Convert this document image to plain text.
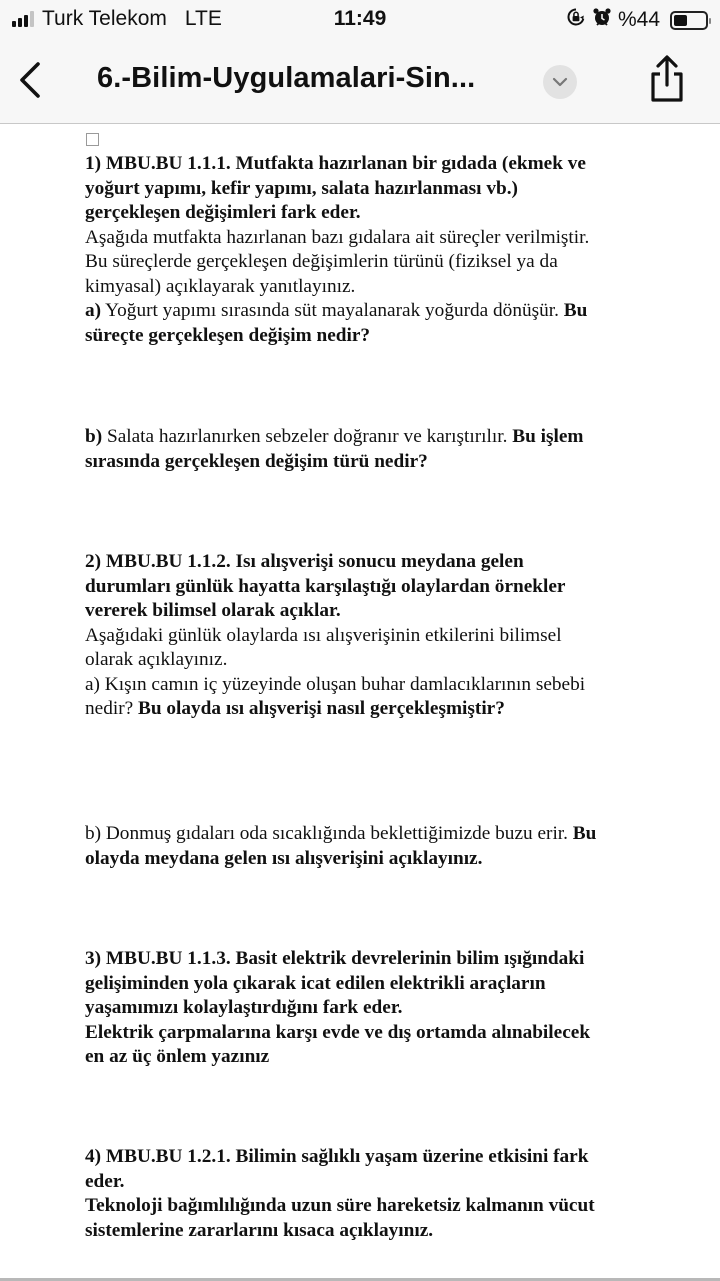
Turk Telekom LTE	11:49	%44
6.-Bilim-Uygulamalari-Sin...
1) MBU.BU 1.1.1. Mutfakta hazırlanan bir gıdada (ekmek ve
yoğurt yapımı, kefir yapımı, salata hazırlanması vb.)
gerçekleşen değişimleri fark eder.
Aşağıda mutfakta hazırlanan bazı gıdalara ait süreçler verilmiştir.
Bu süreçlerde gerçekleşen değişimlerin türünü (fiziksel ya da
kimyasal) açıklayarak yanıtlayınız.
a) Yoğurt yapımı sırasında süt mayalanarak yoğurda dönüşür. Bu
süreçte gerçekleşen değişim nedir?
b) Salata hazırlanırken sebzeler doğranır ve karıştırılır. Bu işlem
sırasında gerçekleşen değişim türü nedir?
2) MBU.BU 1.1.2. Isı alışverişi sonucu meydana gelen
durumları günlük hayatta karşılaştığı olaylardan örnekler
vererek bilimsel olarak açıklar.
Aşağıdaki günlük olaylarda ısı alışverişinin etkilerini bilimsel
olarak açıklayınız.
a) Kışın camın iç yüzeyinde oluşan buhar damlacıklarının sebebi
nedir? Bu olayda ısı alışverişi nasıl gerçekleşmiştir?
b) Donmuş gıdaları oda sıcaklığında beklettiğimizde buzu erir. Bu
olayda meydana gelen ısı alışverişini açıklayınız.
3) MBU.BU 1.1.3. Basit elektrik devrelerinin bilim ışığındaki
gelişiminden yola çıkarak icat edilen elektrikli araçların
yaşamımızı kolaylaştırdığını fark eder.
Elektrik çarpmalarına karşı evde ve dış ortamda alınabilecek
en az üç önlem yazınız
4) MBU.BU 1.2.1. Bilimin sağlıklı yaşam üzerine etkisini fark
eder.
Teknoloji bağımlılığında uzun süre hareketsiz kalmanın vücut
sistemlerine zararlarını kısaca açıklayınız.
